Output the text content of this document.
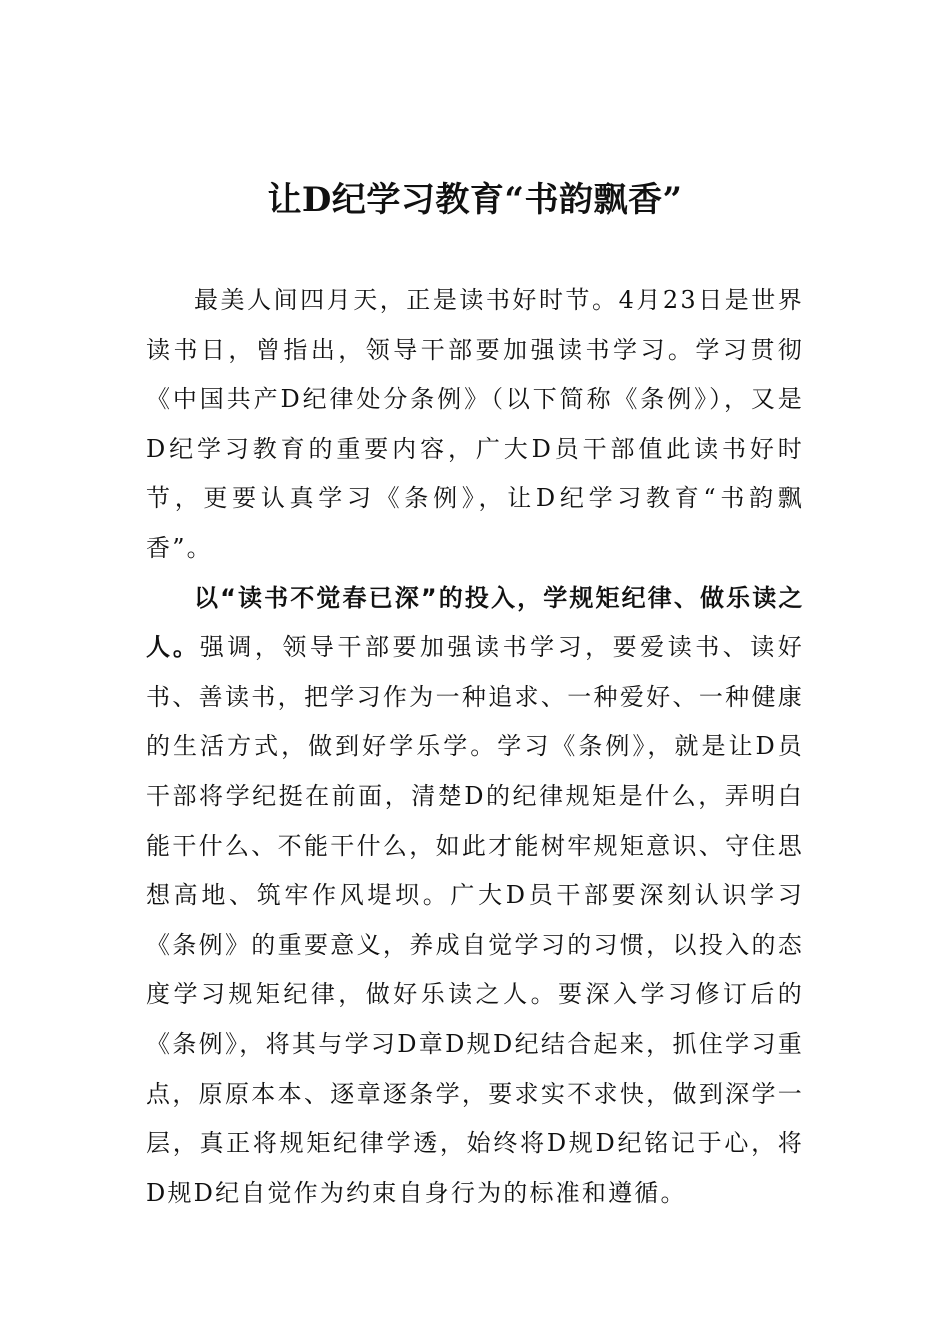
让D纪学习教育“书韵飘香”

最美人间四月天，正是读书好时节。4月23日是世界读书日，曾指出，领导干部要加强读书学习。学习贯彻《中国共产D纪律处分条例》（以下简称《条例》），又是D纪学习教育的重要内容，广大D员干部值此读书好时节，更要认真学习《条例》，让D纪学习教育“书韵飘香”。

以“读书不觉春已深”的投入，学规矩纪律、做乐读之人。强调，领导干部要加强读书学习，要爱读书、读好书、善读书，把学习作为一种追求、一种爱好、一种健康的生活方式，做到好学乐学。学习《条例》，就是让D员干部将学纪挺在前面，清楚D的纪律规矩是什么，弄明白能干什么、不能干什么，如此才能树牢规矩意识、守住思想高地、筑牢作风堤坝。广大D员干部要深刻认识学习《条例》的重要意义，养成自觉学习的习惯，以投入的态度学习规矩纪律，做好乐读之人。要深入学习修订后的《条例》，将其与学习D章D规D纪结合起来，抓住学习重点，原原本本、逐章逐条学，要求实不求快，做到深学一层，真正将规矩纪律学透，始终将D规D纪铭记于心，将D规D纪自觉作为约束自身行为的标准和遵循。
